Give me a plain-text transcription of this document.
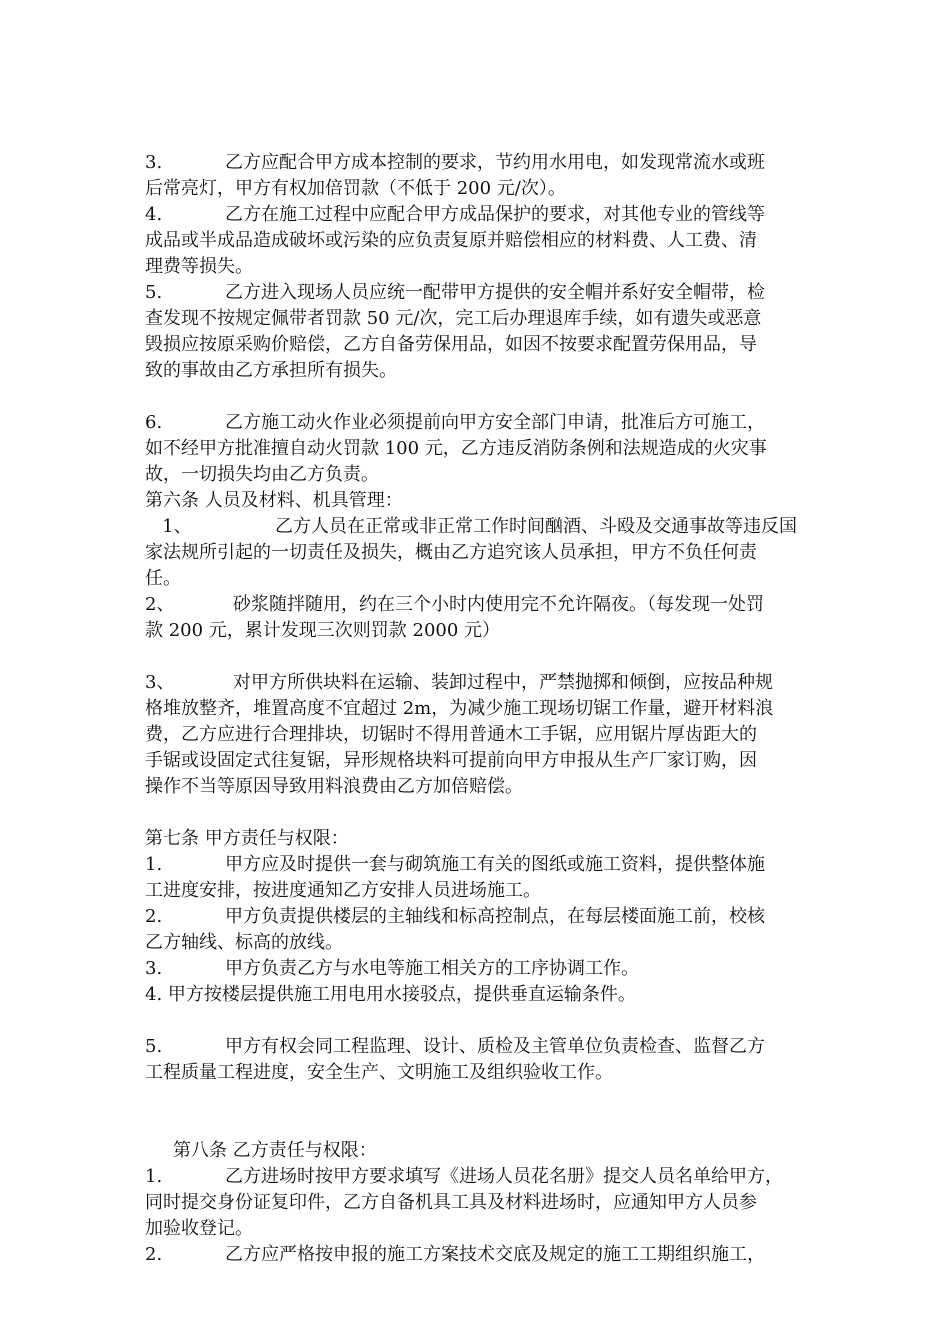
3.	乙方应配合甲方成本控制的要求，节约用水用电，如发现常流水或班
后常亮灯，甲方有权加倍罚款（不低于 200 元/次）。
4.	乙方在施工过程中应配合甲方成品保护的要求，对其他专业的管线等
成品或半成品造成破坏或污染的应负责复原并赔偿相应的材料费、人工费、清
理费等损失。
5.	乙方进入现场人员应统一配带甲方提供的安全帽并系好安全帽带，检
查发现不按规定佩带者罚款 50 元/次，完工后办理退库手续，如有遗失或恶意
毁损应按原采购价赔偿，乙方自备劳保用品，如因不按要求配置劳保用品，导
致的事故由乙方承担所有损失。
6.	乙方施工动火作业必须提前向甲方安全部门申请，批准后方可施工，
如不经甲方批准擅自动火罚款 100 元，乙方违反消防条例和法规造成的火灾事
故，一切损失均由乙方负责。
第六条 人员及材料、机具管理：
1、	乙方人员在正常或非正常工作时间酗酒、斗殴及交通事故等违反国
家法规所引起的一切责任及损失，概由乙方追究该人员承担，甲方不负任何责
任。
2、	砂浆随拌随用，约在三个小时内使用完不允许隔夜。（每发现一处罚
款 200 元，累计发现三次则罚款 2000 元）
3、	对甲方所供块料在运输、装卸过程中，严禁抛掷和倾倒，应按品种规
格堆放整齐，堆置高度不宜超过 2m，为减少施工现场切锯工作量，避开材料浪
费，乙方应进行合理排块，切锯时不得用普通木工手锯，应用锯片厚齿距大的
手锯或设固定式往复锯，异形规格块料可提前向甲方申报从生产厂家订购，因
操作不当等原因导致用料浪费由乙方加倍赔偿。
第七条 甲方责任与权限：
1.	甲方应及时提供一套与砌筑施工有关的图纸或施工资料，提供整体施
工进度安排，按进度通知乙方安排人员进场施工。
2.	甲方负责提供楼层的主轴线和标高控制点，在每层楼面施工前，校核
乙方轴线、标高的放线。
3.	甲方负责乙方与水电等施工相关方的工序协调工作。
4. 甲方按楼层提供施工用电用水接驳点，提供垂直运输条件。
5.	甲方有权会同工程监理、设计、质检及主管单位负责检查、监督乙方
工程质量工程进度，安全生产、文明施工及组织验收工作。
第八条 乙方责任与权限：
1.	乙方进场时按甲方要求填写《进场人员花名册》提交人员名单给甲方，
同时提交身份证复印件，乙方自备机具工具及材料进场时，应通知甲方人员参
加验收登记。
2.	乙方应严格按申报的施工方案技术交底及规定的施工工期组织施工，
